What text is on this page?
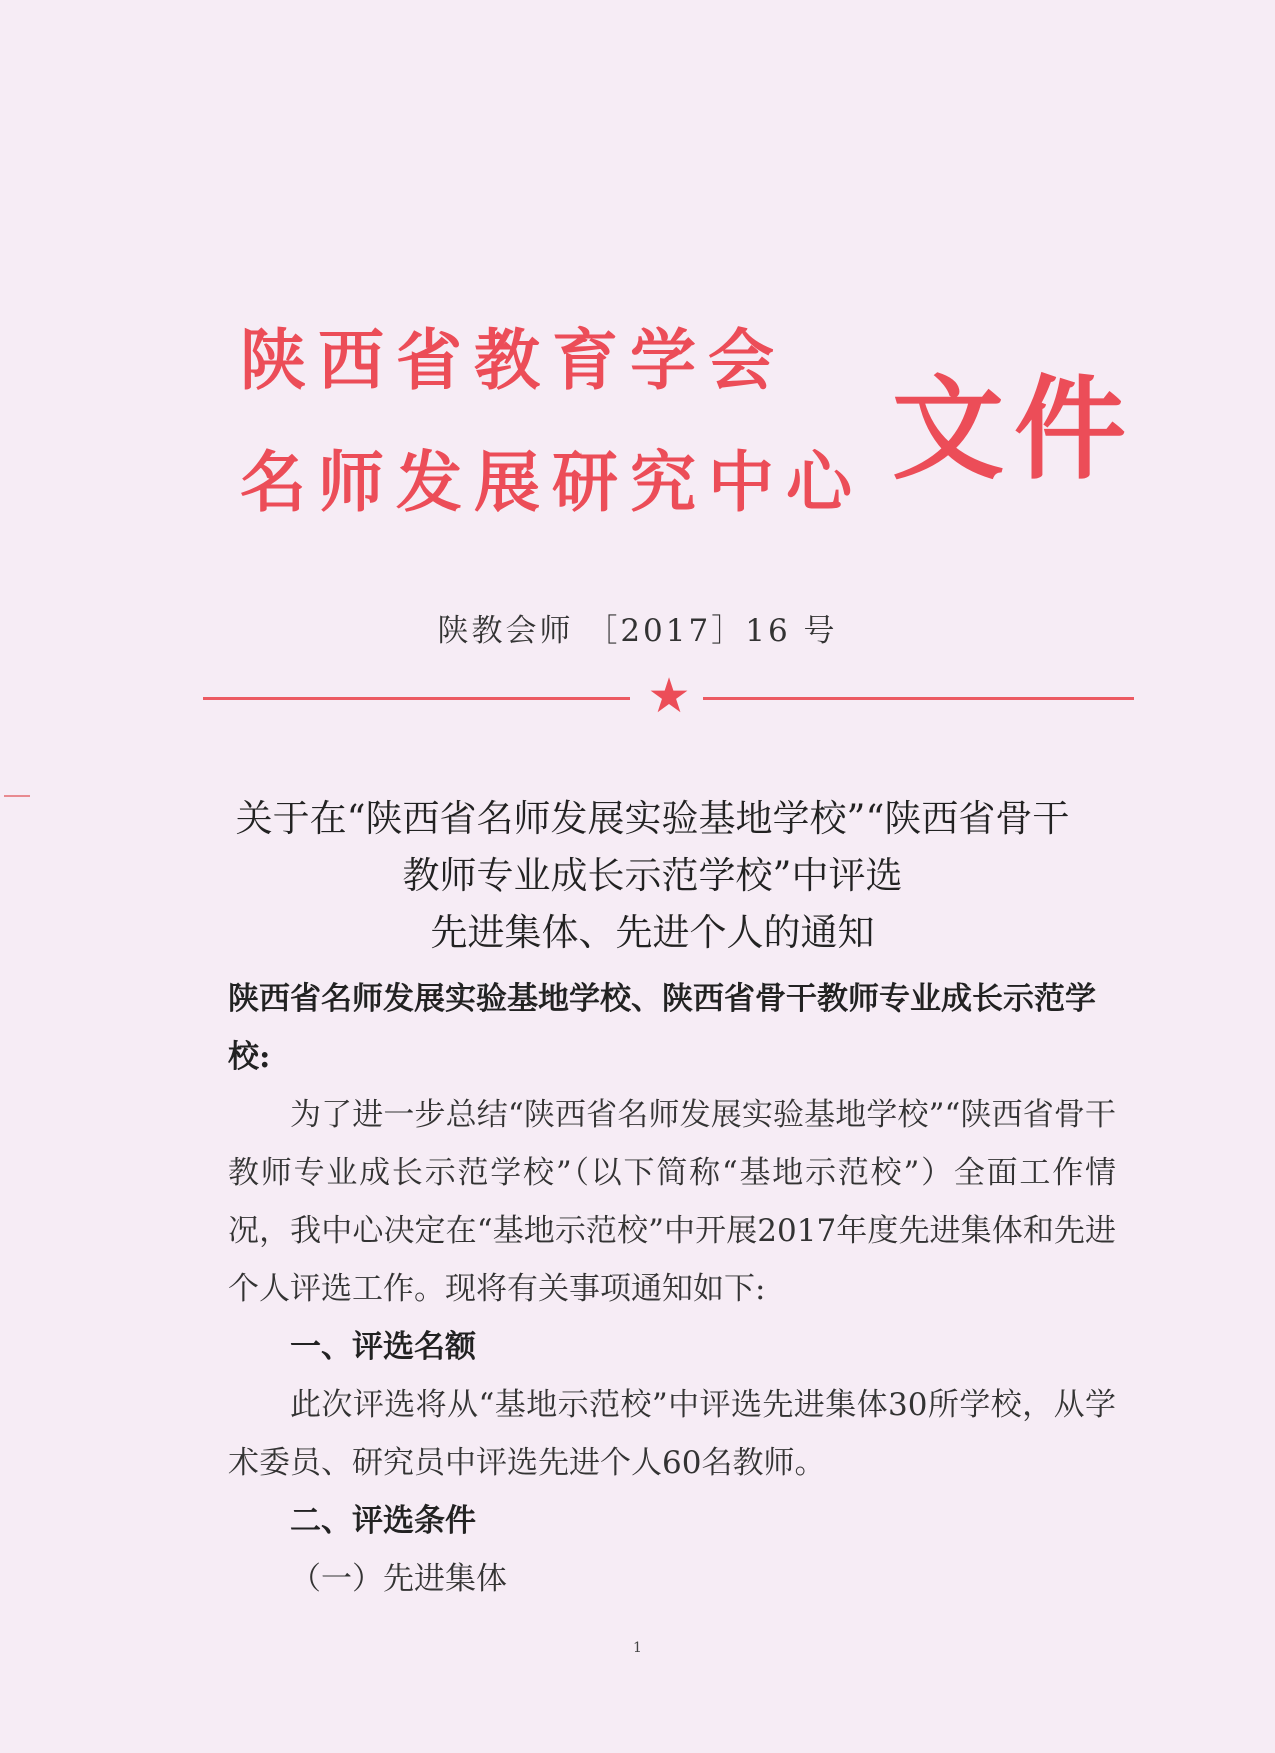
陕西省教育学会
名师发展研究中心 文件
陕教会师 ［2017］16 号
★
关于在“陕西省名师发展实验基地学校”“陕西省骨干
教师专业成长示范学校”中评选
先进集体、先进个人的通知
陕西省名师发展实验基地学校、陕西省骨干教师专业成长示范学校:
为了进一步总结“陕西省名师发展实验基地学校”“陕西省骨干教师专业成长示范学校”（以下简称“基地示范校”）全面工作情况，我中心决定在“基地示范校”中开展2017年度先进集体和先进个人评选工作。现将有关事项通知如下:
一、评选名额
此次评选将从“基地示范校”中评选先进集体30所学校，从学术委员、研究员中评选先进个人60名教师。
二、评选条件
（一）先进集体
1
